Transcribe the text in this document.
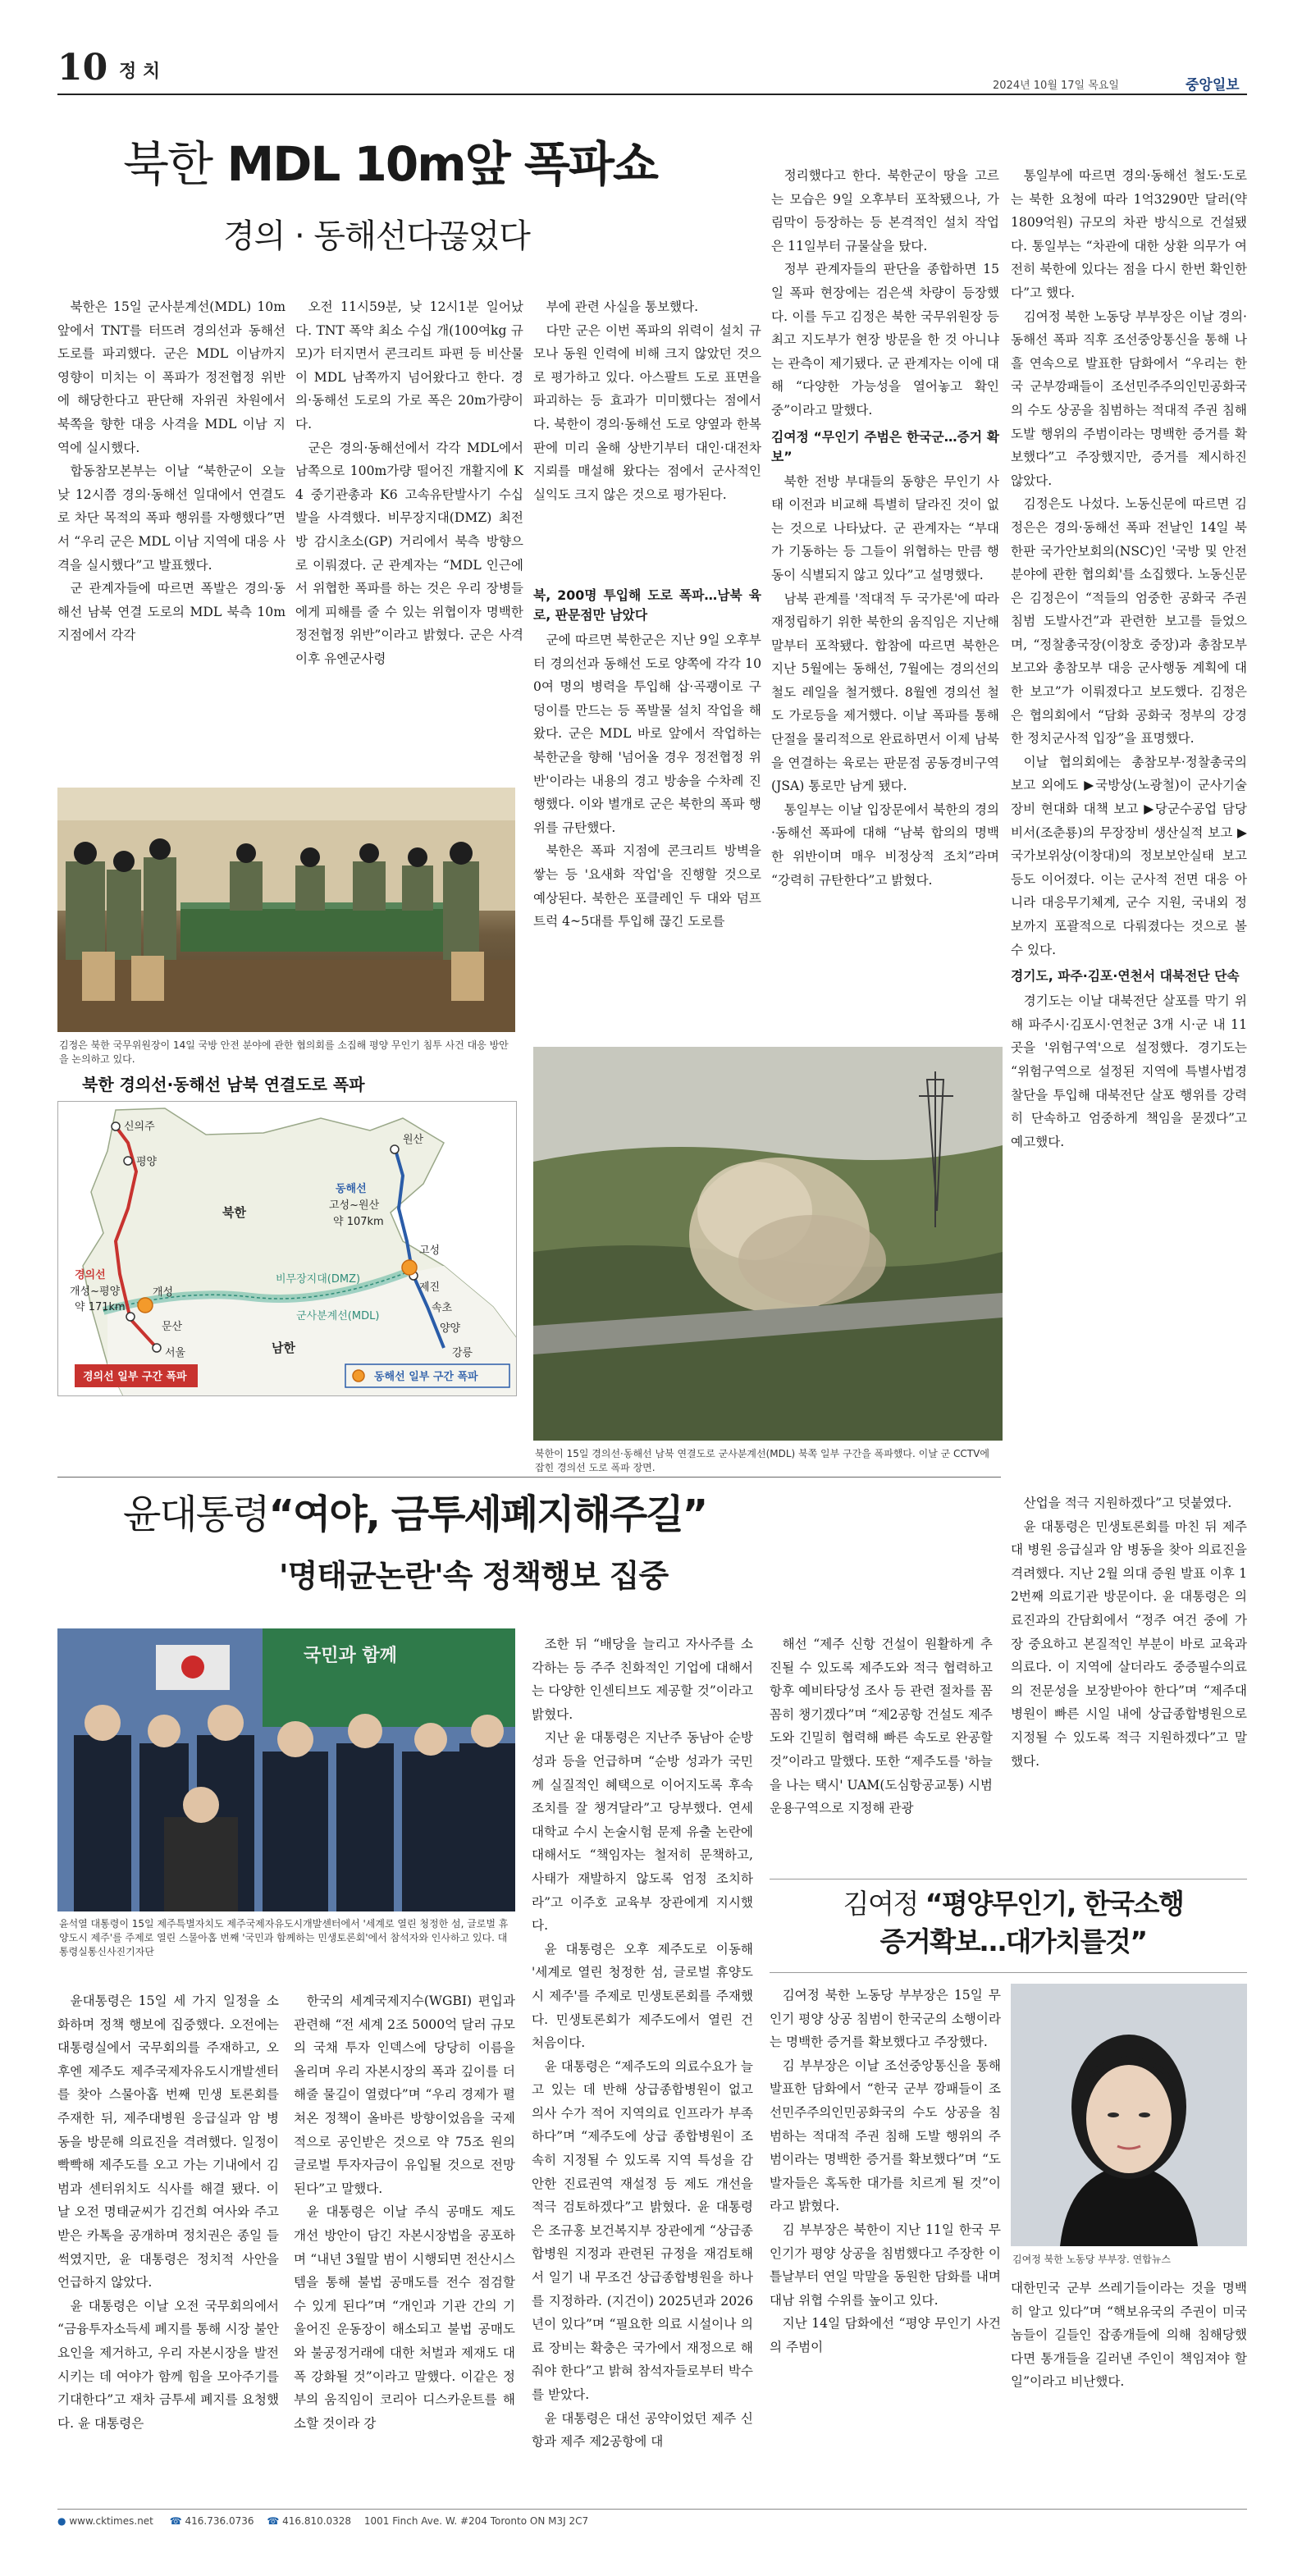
10 정 치
2024년 10월 17일 목요일	중앙일보
북한 MDL 10m앞 폭파쇼
경의 · 동해선다끊었다

북한은 15일 군사분계선(MDL) 10m 앞에서 TNT를 터뜨려 경의선과 동해선 도로를 파괴했다. 군은 MDL 이남까지 영향이 미치는 이 폭파가 정전협정 위반에 해당한다고 판단해 자위권 차원에서 북쪽을 향한 대응 사격을 MDL 이남 지역에 실시했다.

합동참모본부는 이날 “북한군이 오늘 낮 12시쯤 경의·동해선 일대에서 연결도로 차단 목적의 폭파 행위를 자행했다”면서 “우리 군은 MDL 이남 지역에 대응 사격을 실시했다”고 발표했다.

군 관계자들에 따르면 폭발은 경의·동해선 남북 연결 도로의 MDL 북측 10m 지점에서 각각

오전 11시59분, 낮 12시1분 일어났다. TNT 폭약 최소 수십 개(100여kg 규모)가 터지면서 콘크리트 파편 등 비산물이 MDL 남쪽까지 넘어왔다고 한다. 경의·동해선 도로의 가로 폭은 20m가량이다.

군은 경의·동해선에서 각각 MDL에서 남쪽으로 100m가량 떨어진 개활지에 K4 중기관총과 K6 고속유탄발사기 수십 발을 사격했다. 비무장지대(DMZ) 최전방 감시초소(GP) 거리에서 북측 방향으로 이뤄졌다. 군 관계자는 “MDL 인근에서 위협한 폭파를 하는 것은 우리 장병들에게 피해를 줄 수 있는 위협이자 명백한 정전협정 위반”이라고 밝혔다. 군은 사격 이후 유엔군사령

부에 관련 사실을 통보했다.

다만 군은 이번 폭파의 위력이 설치 규모나 동원 인력에 비해 크지 않았던 것으로 평가하고 있다. 아스팔트 도로 표면을 파괴하는 등 효과가 미미했다는 점에서다. 북한이 경의·동해선 도로 양옆과 한복판에 미리 올해 상반기부터 대인·대전차 지뢰를 매설해 왔다는 점에서 군사적인 실익도 크지 않은 것으로 평가된다.

김정은 북한 국무위원장이 14일 국방 안전 분야에 관한 협의회를 소집해 평양 무인기 침투 사건 대응 방안을 논의하고 있다.
북한 경의선·동해선 남북 연결도로 폭파
신의주
평양
북한
남한
동해선
고성~원산
약 107km
비무장지대(DMZ)
군사분계선(MDL)
경의선
개성~평양
약 171km
개성
문산
서울
고성
제진
속초
양양
강릉
원산
경의선 일부 구간 폭파	동해선 일부 구간 폭파

북, 200명 투입해 도로 폭파…남북 육로, 판문점만 남았다

군에 따르면 북한군은 지난 9일 오후부터 경의선과 동해선 도로 양쪽에 각각 100여 명의 병력을 투입해 삽·곡괭이로 구덩이를 만드는 등 폭발물 설치 작업을 해왔다. 군은 MDL 바로 앞에서 작업하는 북한군을 향해 '넘어올 경우 정전협정 위반'이라는 내용의 경고 방송을 수차례 진행했다. 이와 별개로 군은 북한의 폭파 행위를 규탄했다.

북한은 폭파 지점에 콘크리트 방벽을 쌓는 등 '요새화 작업'을 진행할 것으로 예상된다. 북한은 포클레인 두 대와 덤프트럭 4~5대를 투입해 끊긴 도로를

정리했다고 한다. 북한군이 땅을 고르는 모습은 9일 오후부터 포착됐으나, 가림막이 등장하는 등 본격적인 설치 작업은 11일부터 규물살을 탔다.

정부 관계자들의 판단을 종합하면 15일 폭파 현장에는 검은색 차량이 등장했다. 이를 두고 김정은 북한 국무위원장 등 최고 지도부가 현장 방문을 한 것 아니냐는 관측이 제기됐다. 군 관계자는 이에 대해 “다양한 가능성을 열어놓고 확인 중”이라고 말했다.

김여정 “무인기 주범은 한국군…증거 확보”

북한 전방 부대들의 동향은 무인기 사태 이전과 비교해 특별히 달라진 것이 없는 것으로 나타났다. 군 관계자는 “부대가 기동하는 등 그들이 위협하는 만큼 행동이 식별되지 않고 있다”고 설명했다.

남북 관계를 '적대적 두 국가론'에 따라 재정립하기 위한 북한의 움직임은 지난해 말부터 포착됐다. 합참에 따르면 북한은 지난 5월에는 동해선, 7월에는 경의선의 철도 레일을 철거했다. 8월엔 경의선 철도 가로등을 제거했다. 이날 폭파를 통해 단절을 물리적으로 완료하면서 이제 남북을 연결하는 육로는 판문점 공동경비구역(JSA) 통로만 남게 됐다.

통일부는 이날 입장문에서 북한의 경의·동해선 폭파에 대해 “남북 합의의 명백한 위반이며 매우 비정상적 조치”라며 “강력히 규탄한다”고 밝혔다.

통일부에 따르면 경의·동해선 철도·도로는 북한 요청에 따라 1억3290만 달러(약 1809억원) 규모의 차관 방식으로 건설됐다. 통일부는 “차관에 대한 상환 의무가 여전히 북한에 있다는 점을 다시 한번 확인한다”고 했다.

김여정 북한 노동당 부부장은 이날 경의·동해선 폭파 직후 조선중앙통신을 통해 나흘 연속으로 발표한 담화에서 “우리는 한국 군부깡패들이 조선민주주의인민공화국의 수도 상공을 침범하는 적대적 주권 침해 도발 행위의 주범이라는 명백한 증거를 확보했다”고 주장했지만, 증거를 제시하진 않았다.

김정은도 나섰다. 노동신문에 따르면 김정은은 경의·동해선 폭파 전날인 14일 북한판 국가안보회의(NSC)인 '국방 및 안전 분야에 관한 협의회'를 소집했다. 노동신문은 김정은이 “적들의 엄중한 공화국 주권 침범 도발사건”과 관련한 보고를 들었으며, “정찰총국장(이창호 중장)과 총참모부 보고와 총참모부 대응 군사행동 계획에 대한 보고”가 이뤄졌다고 보도했다. 김정은은 협의회에서 “담화 공화국 정부의 강경한 정치군사적 입장”을 표명했다.

이날 협의회에는 총참모부·정찰총국의 보고 외에도 ▶국방상(노광철)이 군사기술장비 현대화 대책 보고 ▶당군수공업 담당 비서(조춘룡)의 무장장비 생산실적 보고 ▶국가보위상(이창대)의 정보보안실태 보고 등도 이어졌다. 이는 군사적 전면 대응 아니라 대응무기체계, 군수 지원, 국내외 정보까지 포괄적으로 다뤄졌다는 것으로 볼 수 있다.

경기도, 파주·김포·연천서 대북전단 단속

경기도는 이날 대북전단 살포를 막기 위해 파주시·김포시·연천군 3개 시·군 내 11곳을 '위험구역'으로 설정했다. 경기도는 “위험구역으로 설정된 지역에 특별사법경찰단을 투입해 대북전단 살포 행위를 강력히 단속하고 엄중하게 책임을 묻겠다”고 예고했다.

북한이 15일 경의선·동해선 남북 연결도로 군사분계선(MDL) 북쪽 일부 구간을 폭파했다. 이날 군 CCTV에 잡힌 경의선 도로 폭파 장면.
윤대통령“여야, 금투세폐지해주길”
'명태균논란'속 정책행보 집중
국민과 함께
윤석열 대통령이 15일 제주특별자치도 제주국제자유도시개발센터에서 '세계로 열린 청정한 섬, 글로벌 휴양도시 제주'를 주제로 열린 스물아홉 번째 '국민과 함께하는 민생토론회'에서 참석자와 인사하고 있다. 대통령실통신사진기자단

윤대통령은 15일 세 가지 일정을 소화하며 정책 행보에 집중했다. 오전에는 대통령실에서 국무회의를 주재하고, 오후엔 제주도 제주국제자유도시개발센터를 찾아 스물아홉 번째 민생 토론회를 주재한 뒤, 제주대병원 응급실과 암 병동을 방문해 의료진을 격려했다. 일정이 빡빡해 제주도를 오고 가는 기내에서 김범과 센터위치도 식사를 해결 됐다. 이날 오전 명태균씨가 김건희 여사와 주고받은 카톡을 공개하며 정치권은 종일 들썩였지만, 윤 대통령은 정치적 사안을 언급하지 않았다.

윤 대통령은 이날 오전 국무회의에서 “금융투자소득세 폐지를 통해 시장 불안 요인을 제거하고, 우리 자본시장을 발전시키는 데 여야가 함께 힘을 모아주기를 기대한다”고 재차 금투세 폐지를 요청했다. 윤 대통령은

한국의 세계국제지수(WGBI) 편입과 관련해 “전 세계 2조 5000억 달러 규모의 국채 투자 인덱스에 당당히 이름을 올리며 우리 자본시장의 폭과 깊이를 더해줄 물길이 열렸다”며 “우리 경제가 펼쳐온 정책이 올바른 방향이었음을 국제적으로 공인받은 것으로 약 75조 원의 글로벌 투자자금이 유입될 것으로 전망된다”고 말했다.

윤 대통령은 이날 주식 공매도 제도 개선 방안이 담긴 자본시장법을 공포하며 “내년 3월말 범이 시행되면 전산시스템을 통해 불법 공매도를 전수 점검할 수 있게 된다”며 “개인과 기관 간의 기울어진 운동장이 해소되고 불법 공매도와 불공정거래에 대한 처벌과 제재도 대폭 강화될 것”이라고 말했다. 이같은 정부의 움직임이 코리아 디스카운트를 해소할 것이라 강

조한 뒤 “배당을 늘리고 자사주를 소각하는 등 주주 친화적인 기업에 대해서는 다양한 인센티브도 제공할 것”이라고 밝혔다.

지난 윤 대통령은 지난주 동남아 순방 성과 등을 언급하며 “순방 성과가 국민께 실질적인 혜택으로 이어지도록 후속 조치를 잘 챙겨달라”고 당부했다. 연세대학교 수시 논술시험 문제 유출 논란에 대해서도 “책임자는 철저히 문책하고, 사태가 재발하지 않도록 엄정 조치하라”고 이주호 교육부 장관에게 지시했다.

윤 대통령은 오후 제주도로 이동해 '세계로 열린 청정한 섬, 글로벌 휴양도시 제주'를 주제로 민생토론회를 주재했다. 민생토론회가 제주도에서 열린 건 처음이다.

윤 대통령은 “제주도의 의료수요가 늘고 있는 데 반해 상급종합병원이 없고 의사 수가 적어 지역의료 인프라가 부족하다”며 “제주도에 상급 종합병원이 조속히 지정될 수 있도록 지역 특성을 감안한 진료권역 재설정 등 제도 개선을 적극 검토하겠다”고 밝혔다. 윤 대통령은 조규홍 보건복지부 장관에게 “상급종합병원 지정과 관련된 규정을 재검토해서 일기 내 무조건 상급종합병원을 하나를 지정하라. (지건이) 2025년과 2026년이 있다”며 “필요한 의료 시설이나 의료 장비는 확충은 국가에서 재정으로 해줘야 한다”고 밝혀 참석자들로부터 박수를 받았다.

윤 대통령은 대선 공약이었던 제주 신항과 제주 제2공항에 대

해선 “제주 신항 건설이 원활하게 추진될 수 있도록 제주도와 적극 협력하고 항후 예비타당성 조사 등 관련 절차를 꼼꼼히 챙기겠다”며 “제2공항 건설도 제주도와 긴밀히 협력해 빠른 속도로 완공할 것”이라고 말했다. 또한 “제주도를 '하늘을 나는 택시' UAM(도심항공교통) 시범운용구역으로 지정해 관광

산업을 적극 지원하겠다”고 덧붙였다.

윤 대통령은 민생토론회를 마친 뒤 제주대 병원 응급실과 암 병동을 찾아 의료진을 격려했다. 지난 2월 의대 증원 발표 이후 12번째 의료기관 방문이다. 윤 대통령은 의료진과의 간담회에서 “정주 여건 중에 가장 중요하고 본질적인 부분이 바로 교육과 의료다. 이 지역에 살더라도 중증필수의료의 전문성을 보장받아야 한다”며 “제주대병원이 빠른 시일 내에 상급종합병원으로 지정될 수 있도록 적극 지원하겠다”고 말했다.

김여정 “평양무인기, 한국소행
증거확보…대가치를것”

김여정 북한 노동당 부부장은 15일 무인기 평양 상공 침범이 한국군의 소행이라는 명백한 증거를 확보했다고 주장했다.

김 부부장은 이날 조선중앙통신을 통해 발표한 담화에서 “한국 군부 깡패들이 조선민주주의인민공화국의 수도 상공을 침범하는 적대적 주권 침해 도발 행위의 주범이라는 명백한 증거를 확보했다”며 “도발자들은 혹독한 대가를 치르게 될 것”이라고 밝혔다.

김 부부장은 북한이 지난 11일 한국 무인기가 평양 상공을 침범했다고 주장한 이틀날부터 연일 막말을 동원한 담화를 내며 대남 위협 수위를 높이고 있다.

지난 14일 담화에선 “평양 무인기 사건의 주범이

김여정 북한 노동당 부부장. 연합뉴스

대한민국 군부 쓰레기들이라는 것을 명백히 알고 있다”며 “핵보유국의 주권이 미국놈들이 길들인 잡종개들에 의해 침해당했다면 통개들을 길러낸 주인이 책임져야 할 일”이라고 비난했다.

● www.cktimes.net ☎ 416.736.0736 ☎ 416.810.0328 1001 Finch Ave. W. #204 Toronto ON M3J 2C7
